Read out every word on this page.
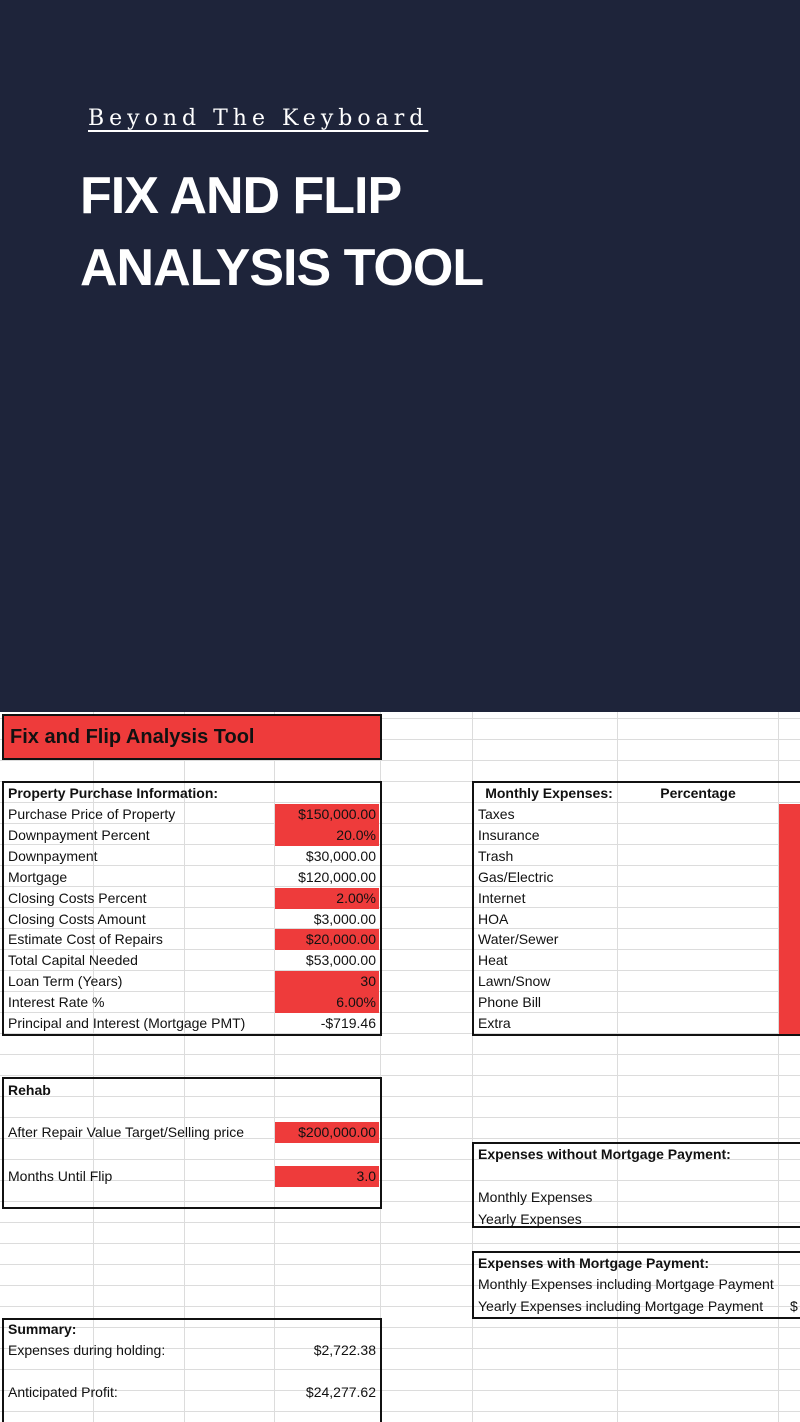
Beyond The Keyboard
FIX AND FLIP
ANALYSIS TOOL
Fix and Flip Analysis Tool
Property Purchase Information:
Purchase Price of Property	$150,000.00
Downpayment Percent	20.0%
Downpayment	$30,000.00
Mortgage	$120,000.00
Closing Costs Percent	2.00%
Closing Costs Amount	$3,000.00
Estimate Cost of Repairs	$20,000.00
Total Capital Needed	$53,000.00
Loan Term (Years)	30
Interest Rate %	6.00%
Principal and Interest (Mortgage PMT)	-$719.46
Rehab
After Repair Value Target/Selling price	$200,000.00
Months Until Flip	3.0
Summary:
Expenses during holding:	$2,722.38
Anticipated Profit:	$24,277.62
Monthly Expenses:	Percentage
Taxes
Insurance
Trash
Gas/Electric
Internet
HOA
Water/Sewer
Heat
Lawn/Snow
Phone Bill
Extra
Expenses without Mortgage Payment:
Monthly Expenses
Yearly Expenses
Expenses with Mortgage Payment:
Monthly Expenses including Mortgage Payment
Yearly Expenses including Mortgage Payment	$
